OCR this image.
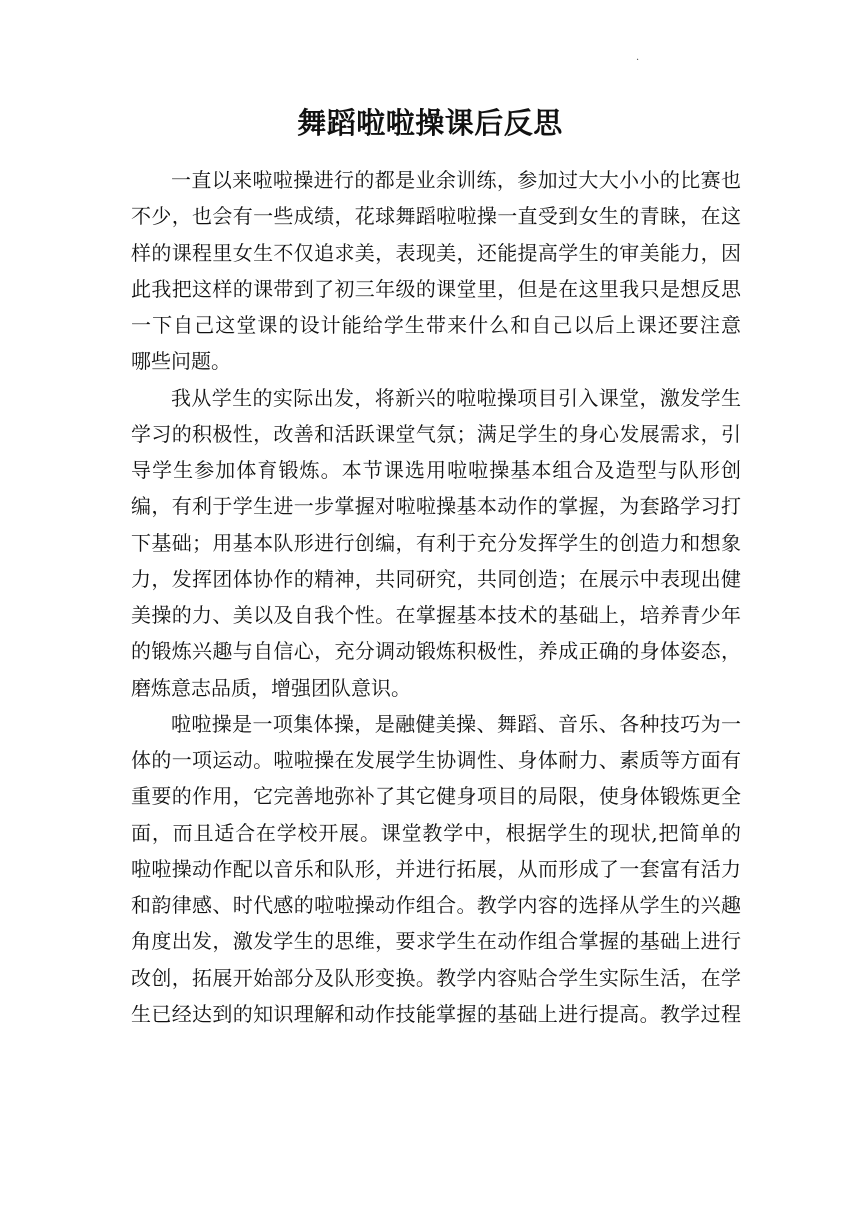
·
舞蹈啦啦操课后反思
一直以来啦啦操进行的都是业余训练，参加过大大小小的比赛也
不少，也会有一些成绩，花球舞蹈啦啦操一直受到女生的青睐，在这
样的课程里女生不仅追求美，表现美，还能提高学生的审美能力，因
此我把这样的课带到了初三年级的课堂里，但是在这里我只是想反思
一下自己这堂课的设计能给学生带来什么和自己以后上课还要注意
哪些问题。
我从学生的实际出发，将新兴的啦啦操项目引入课堂，激发学生
学习的积极性，改善和活跃课堂气氛；满足学生的身心发展需求，引
导学生参加体育锻炼。本节课选用啦啦操基本组合及造型与队形创
编，有利于学生进一步掌握对啦啦操基本动作的掌握，为套路学习打
下基础；用基本队形进行创编，有利于充分发挥学生的创造力和想象
力，发挥团体协作的精神，共同研究，共同创造；在展示中表现出健
美操的力、美以及自我个性。在掌握基本技术的基础上，培养青少年
的锻炼兴趣与自信心，充分调动锻炼积极性，养成正确的身体姿态，
磨炼意志品质，增强团队意识。
啦啦操是一项集体操，是融健美操、舞蹈、音乐、各种技巧为一
体的一项运动。啦啦操在发展学生协调性、身体耐力、素质等方面有
重要的作用，它完善地弥补了其它健身项目的局限，使身体锻炼更全
面，而且适合在学校开展。课堂教学中，根据学生的现状,把简单的
啦啦操动作配以音乐和队形，并进行拓展，从而形成了一套富有活力
和韵律感、时代感的啦啦操动作组合。教学内容的选择从学生的兴趣
角度出发，激发学生的思维，要求学生在动作组合掌握的基础上进行
改创，拓展开始部分及队形变换。教学内容贴合学生实际生活，在学
生已经达到的知识理解和动作技能掌握的基础上进行提高。教学过程
